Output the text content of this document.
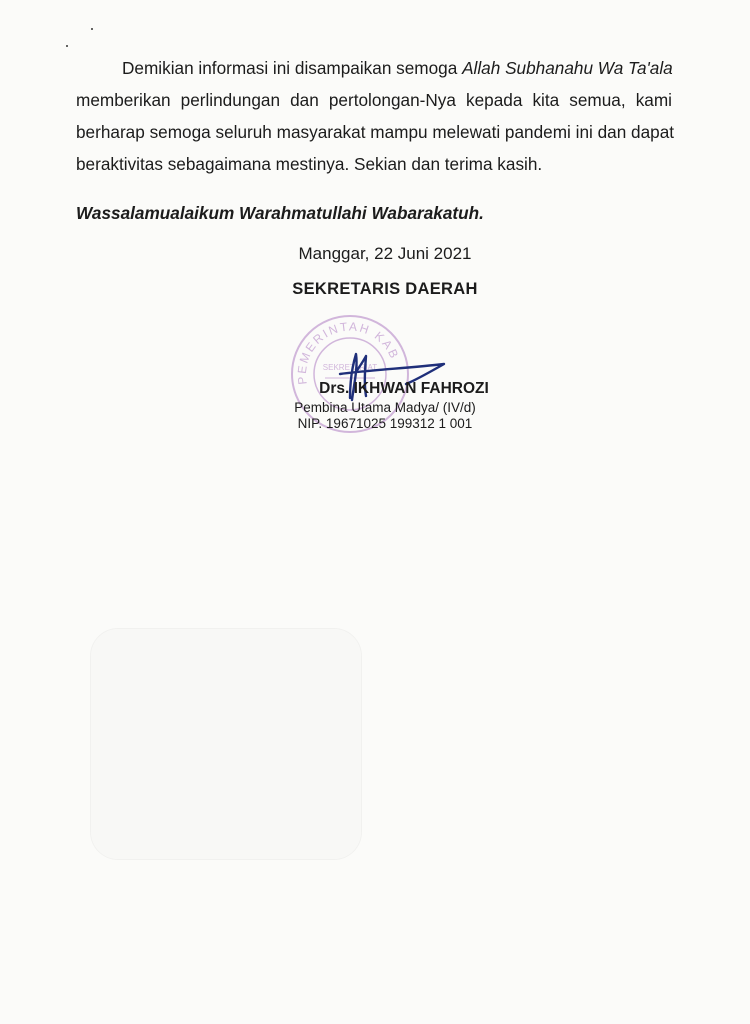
Demikian informasi ini disampaikan semoga Allah Subhanahu Wa Ta'ala
memberikan perlindungan dan pertolongan-Nya kepada kita semua, kami
berharap semoga seluruh masyarakat mampu melewati pandemi ini dan dapat
beraktivitas sebagaimana mestinya. Sekian dan terima kasih.

Wassalamualaikum Warahmatullahi Wabarakatuh.

Manggar, 22 Juni 2021

SEKRETARIS DAERAH

PEMERINTAH KAB
SEKRETARIAT

Drs. IKHWAN FAHROZI

Pembina Utama Madya/ (IV/d)

NIP. 19671025 199312 1 001
